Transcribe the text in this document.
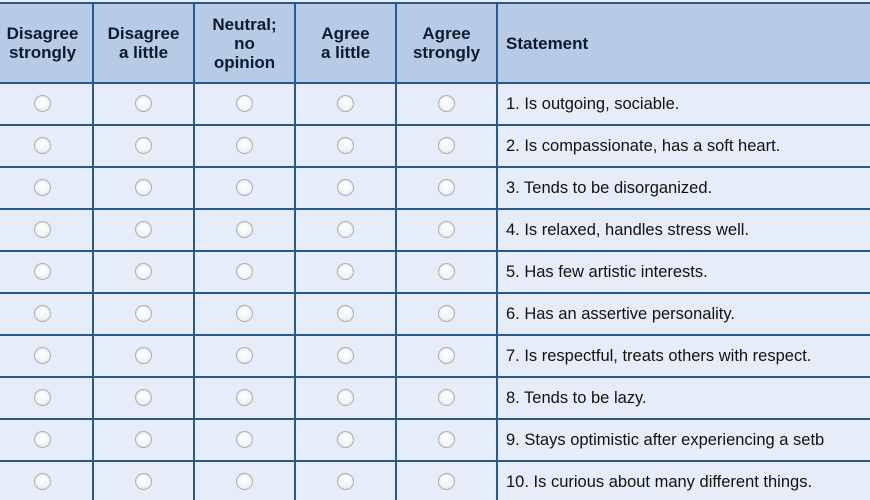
Disagree
strongly	Disagree
a little	Neutral;
no
opinion	Agree
a little	Agree
strongly	Statement
					1. Is outgoing, sociable.
					2. Is compassionate, has a soft heart.
					3. Tends to be disorganized.
					4. Is relaxed, handles stress well.
					5. Has few artistic interests.
					6. Has an assertive personality.
					7. Is respectful, treats others with respect.
					8. Tends to be lazy.
					9. Stays optimistic after experiencing a setb
					10. Is curious about many different things.
